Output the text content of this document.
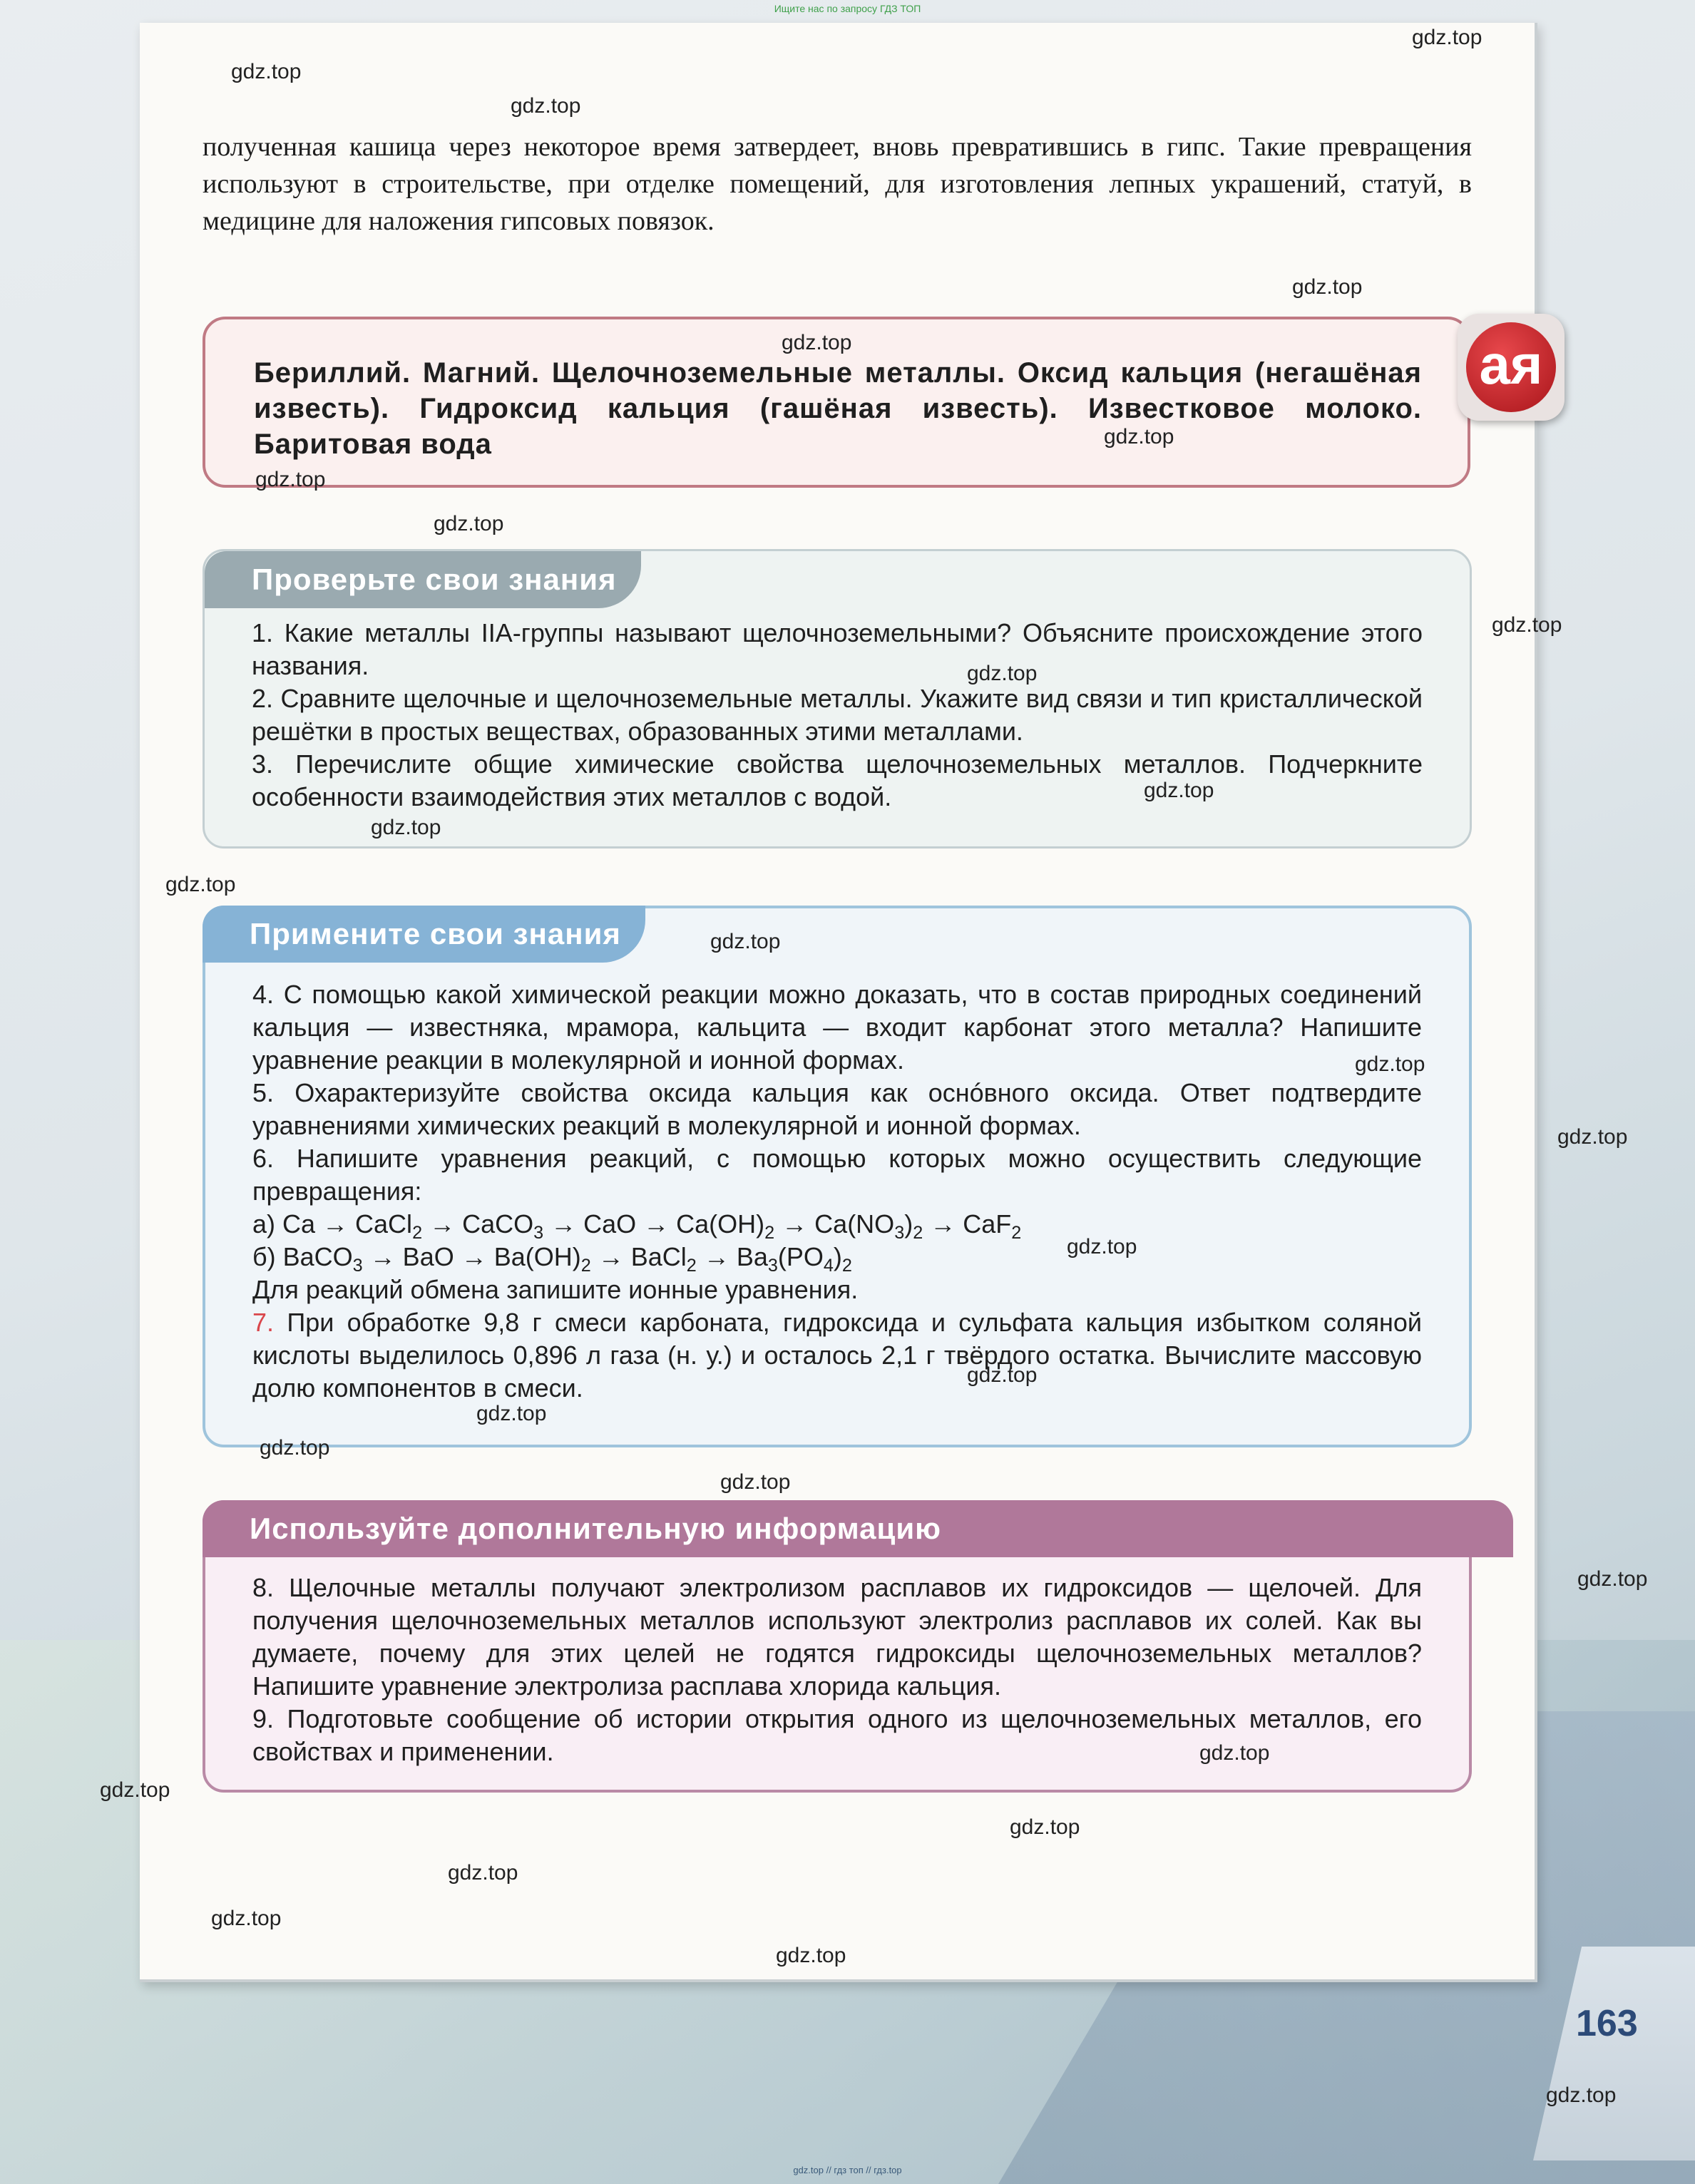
Ищите нас по запросу ГДЗ ТОП
полученная кашица через некоторое время затвердеет, вновь превратившись в гипс. Такие превращения используют в строительстве, при отделке помещений, для изготовления лепных украшений, статуй, в медицине для наложения гипсовых повязок.
Бериллий. Магний. Щелочноземельные металлы. Оксид кальция (негашёная известь). Гидроксид кальция (гашёная известь). Известковое молоко. Баритовая вода
ая
Проверьте свои знания

1. Какие металлы IIA-группы называют щелочноземельными? Объясните происхождение этого названия.

2. Сравните щелочные и щелочноземельные металлы. Укажите вид связи и тип кристаллической решётки в простых веществах, образованных этими металлами.

3. Перечислите общие химические свойства щелочноземельных металлов. Подчеркните особенности взаимодействия этих металлов с водой.

Примените свои знания

4. С помощью какой химической реакции можно доказать, что в состав природных соединений кальция — известняка, мрамора, кальцита — входит карбонат этого металла? Напишите уравнение реакции в молекулярной и ионной формах.

5. Охарактеризуйте свойства оксида кальция как оснóвного оксида. Ответ подтвердите уравнениями химических реакций в молекулярной и ионной формах.

6. Напишите уравнения реакций, с помощью которых можно осуществить следующие превращения:

а) Ca → CaCl$_2$ → CaCO$_3$ → CaO → $Ca(OH)_2 \to Ca(NO_3)_2 \to CaF_2$

б) BaCO$_3$ → BaO → $Ba(OH)_2$ → BaCl$_2$ → $Ba_3(PO_4)_2$

Для реакций обмена запишите ионные уравнения.

7. При обработке 9,8 г смеси карбоната, гидроксида и сульфата кальция избытком соляной кислоты выделилось 0,896 л газа (н. у.) и осталось 2,1 г твёрдого остатка. Вычислите массовую долю компонентов в смеси.

Используйте дополнительную информацию

8. Щелочные металлы получают электролизом расплавов их гидроксидов — щелочей. Для получения щелочноземельных металлов используют электролиз расплавов их солей. Как вы думаете, почему для этих целей не годятся гидроксиды щелочноземельных металлов? Напишите уравнение электролиза расплава хлорида кальция.

9. Подготовьте сообщение об истории открытия одного из щелочноземельных металлов, его свойствах и применении.

163
gdz.top
gdz.top
gdz.top
gdz.top
gdz.top
gdz.top
gdz.top
gdz.top
gdz.top
gdz.top
gdz.top
gdz.top
gdz.top
gdz.top
gdz.top
gdz.top
gdz.top
gdz.top
gdz.top
gdz.top
gdz.top
gdz.top
gdz.top
gdz.top
gdz.top
gdz.top
gdz.top
gdz.top
gdz.top
gdz.top // гдз топ // гдз.top
